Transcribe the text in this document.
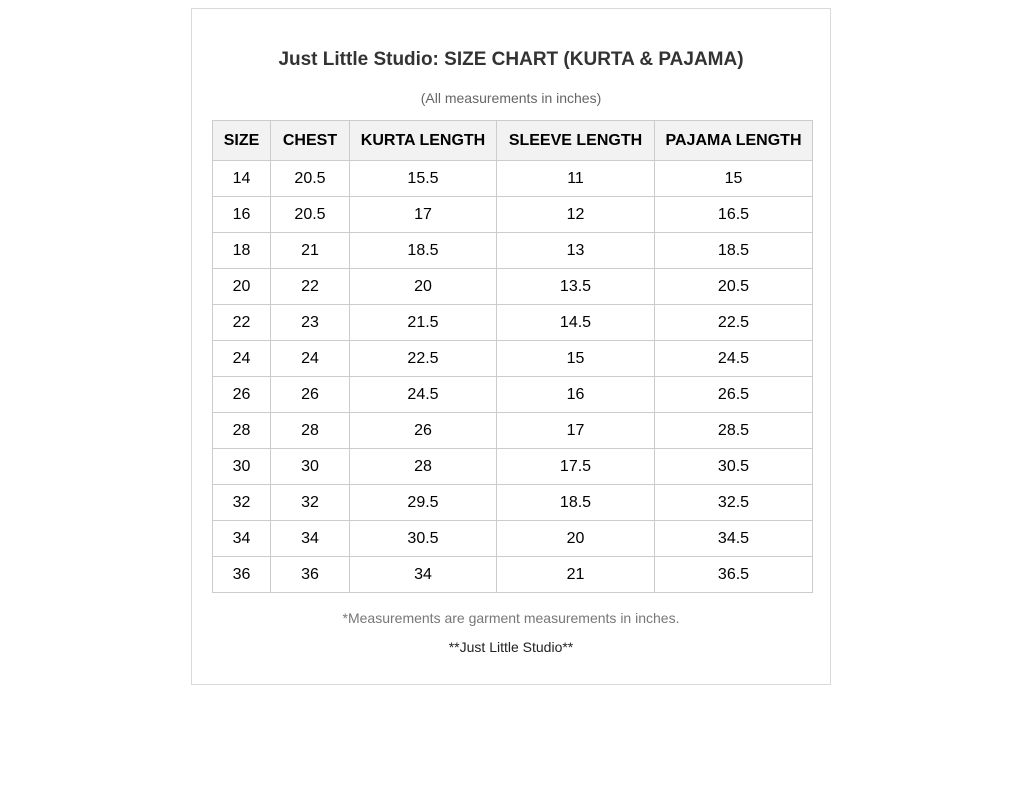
Just Little Studio: SIZE CHART (KURTA & PAJAMA)
(All measurements in inches)
SIZE	CHEST	KURTA LENGTH	SLEEVE LENGTH	PAJAMA LENGTH
14	20.5	15.5	11	15
16	20.5	17	12	16.5
18	21	18.5	13	18.5
20	22	20	13.5	20.5
22	23	21.5	14.5	22.5
24	24	22.5	15	24.5
26	26	24.5	16	26.5
28	28	26	17	28.5
30	30	28	17.5	30.5
32	32	29.5	18.5	32.5
34	34	30.5	20	34.5
36	36	34	21	36.5
*Measurements are garment measurements in inches.
**Just Little Studio**
